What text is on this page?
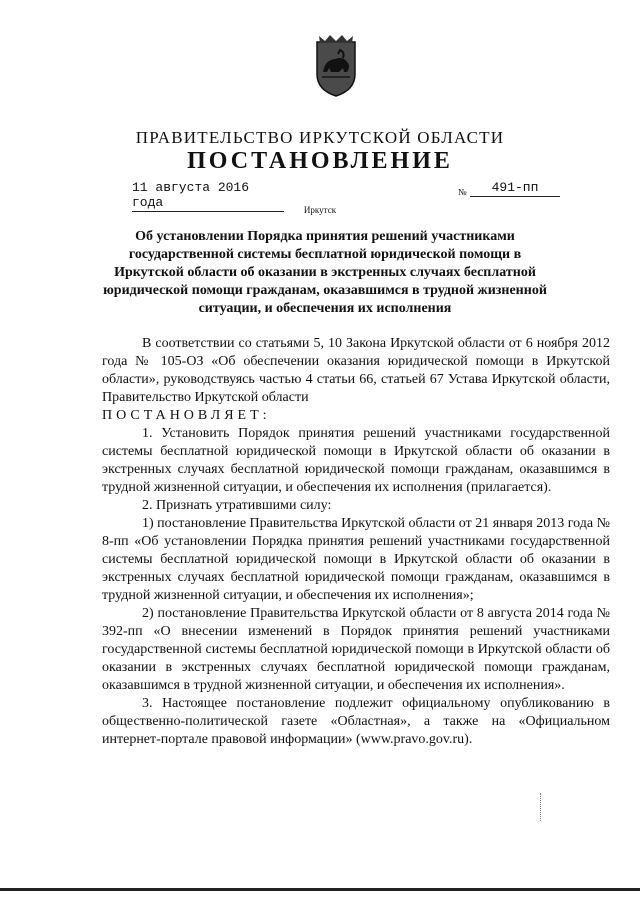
ПРАВИТЕЛЬСТВО ИРКУТСКОЙ ОБЛАСТИ
ПОСТАНОВЛЕНИЕ
11 августа 2016 года
№	491-пп
Иркутск
Об установлении Порядка принятия решений участниками государственной системы бесплатной юридической помощи в Иркутской области об оказании в экстренных случаях бесплатной юридической помощи гражданам, оказавшимся в трудной жизненной ситуации, и обеспечения их исполнения

В соответствии со статьями 5, 10 Закона Иркутской области от 6 ноября 2012 года № 105-ОЗ «Об обеспечении оказания юридической помощи в Иркутской области», руководствуясь частью 4 статьи 66, статьей 67 Устава Иркутской области, Правительство Иркутской области

ПОСТАНОВЛЯЕТ:

1. Установить Порядок принятия решений участниками государственной системы бесплатной юридической помощи в Иркутской области об оказании в экстренных случаях бесплатной юридической помощи гражданам, оказавшимся в трудной жизненной ситуации, и обеспечения их исполнения (прилагается).

2. Признать утратившими силу:

1) постановление Правительства Иркутской области от 21 января 2013 года № 8-пп «Об установлении Порядка принятия решений участниками государственной системы бесплатной юридической помощи в Иркутской области об оказании в экстренных случаях бесплатной юридической помощи гражданам, оказавшимся в трудной жизненной ситуации, и обеспечения их исполнения»;

2) постановление Правительства Иркутской области от 8 августа 2014 года № 392-пп «О внесении изменений в Порядок принятия решений участниками государственной системы бесплатной юридической помощи в Иркутской области об оказании в экстренных случаях бесплатной юридической помощи гражданам, оказавшимся в трудной жизненной ситуации, и обеспечения их исполнения».

3. Настоящее постановление подлежит официальному опубликованию в общественно-политической газете «Областная», а также на «Официальном интернет-портале правовой информации» (www.pravo.gov.ru).
